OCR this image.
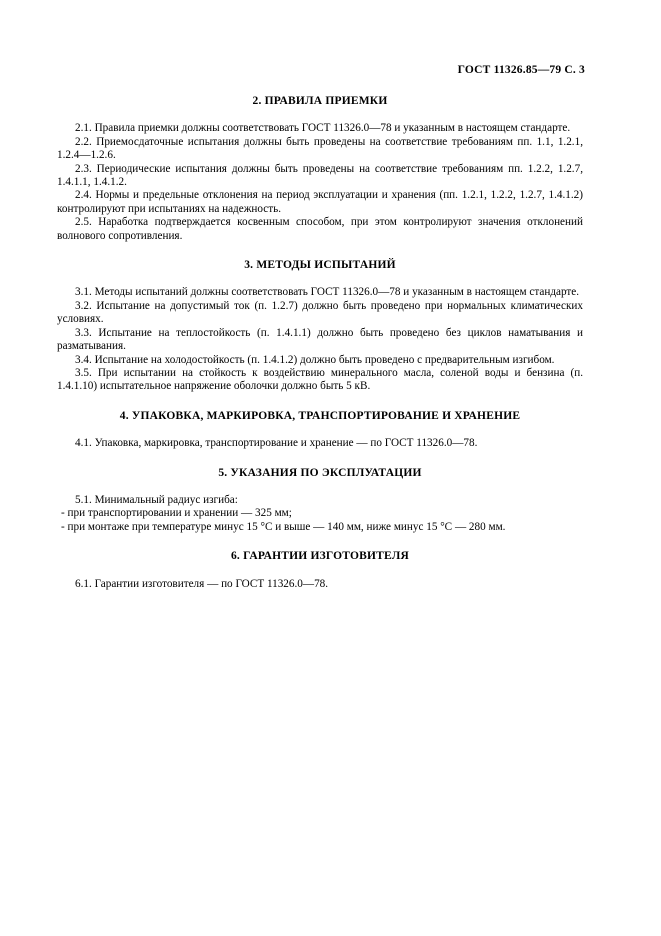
ГОСТ 11326.85—79 С. 3
2. ПРАВИЛА ПРИЕМКИ

2.1. Правила приемки должны соответствовать ГОСТ 11326.0—78 и указанным в настоящем стандарте.

2.2. Приемосдаточные испытания должны быть проведены на соответствие требованиям пп. 1.1, 1.2.1, 1.2.4—1.2.6.

2.3. Периодические испытания должны быть проведены на соответствие требованиям пп. 1.2.2, 1.2.7, 1.4.1.1, 1.4.1.2.

2.4. Нормы и предельные отклонения на период эксплуатации и хранения (пп. 1.2.1, 1.2.2, 1.2.7, 1.4.1.2) контролируют при испытаниях на надежность.

2.5. Наработка подтверждается косвенным способом, при этом контролируют значения отклонений волнового сопротивления.

3. МЕТОДЫ ИСПЫТАНИЙ

3.1. Методы испытаний должны соответствовать ГОСТ 11326.0—78 и указанным в настоящем стандарте.

3.2. Испытание на допустимый ток (п. 1.2.7) должно быть проведено при нормальных климатических условиях.

3.3. Испытание на теплостойкость (п. 1.4.1.1) должно быть проведено без циклов наматывания и разматывания.

3.4. Испытание на холодостойкость (п. 1.4.1.2) должно быть проведено с предварительным изгибом.

3.5. При испытании на стойкость к воздействию минерального масла, соленой воды и бензина (п. 1.4.1.10) испытательное напряжение оболочки должно быть 5 кВ.

4. УПАКОВКА, МАРКИРОВКА, ТРАНСПОРТИРОВАНИЕ И ХРАНЕНИЕ

4.1. Упаковка, маркировка, транспортирование и хранение — по ГОСТ 11326.0—78.

5. УКАЗАНИЯ ПО ЭКСПЛУАТАЦИИ

5.1. Минимальный радиус изгиба:

- при транспортировании и хранении — 325 мм;

- при монтаже при температуре минус 15 °С и выше — 140 мм, ниже минус 15 °С — 280 мм.

6. ГАРАНТИИ ИЗГОТОВИТЕЛЯ

6.1. Гарантии изготовителя — по ГОСТ 11326.0—78.
